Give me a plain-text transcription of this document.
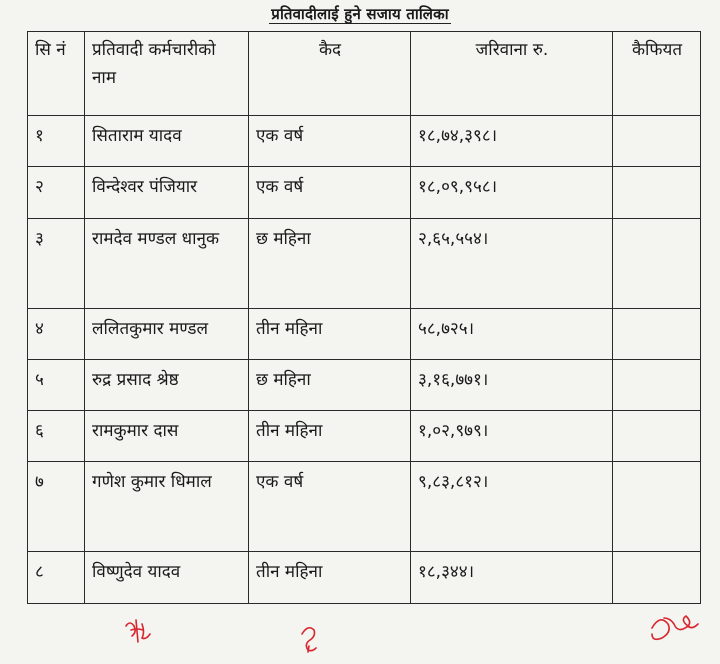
प्रतिवादीलाई हुने सजाय तालिका
सि नं	प्रतिवादी कर्मचारीको नाम	कैद	जरिवाना रु.	कैफियत
१	सिताराम यादव	एक वर्ष	१८,७४,३९८।	
२	विन्देश्वर पंजियार	एक वर्ष	१८,०९,९५८।	
३	रामदेव मण्डल धानुक	छ महिना	२,६५,५५४।	
४	ललितकुमार मण्डल	तीन महिना	५८,७२५।	
५	रुद्र प्रसाद श्रेष्ठ	छ महिना	३,१६,७७१।	
६	रामकुमार दास	तीन महिना	१,०२,९७९।	
७	गणेश कुमार धिमाल	एक वर्ष	९,८३,८१२।	
८	विष्णुदेव यादव	तीन महिना	१८,३४४।	
